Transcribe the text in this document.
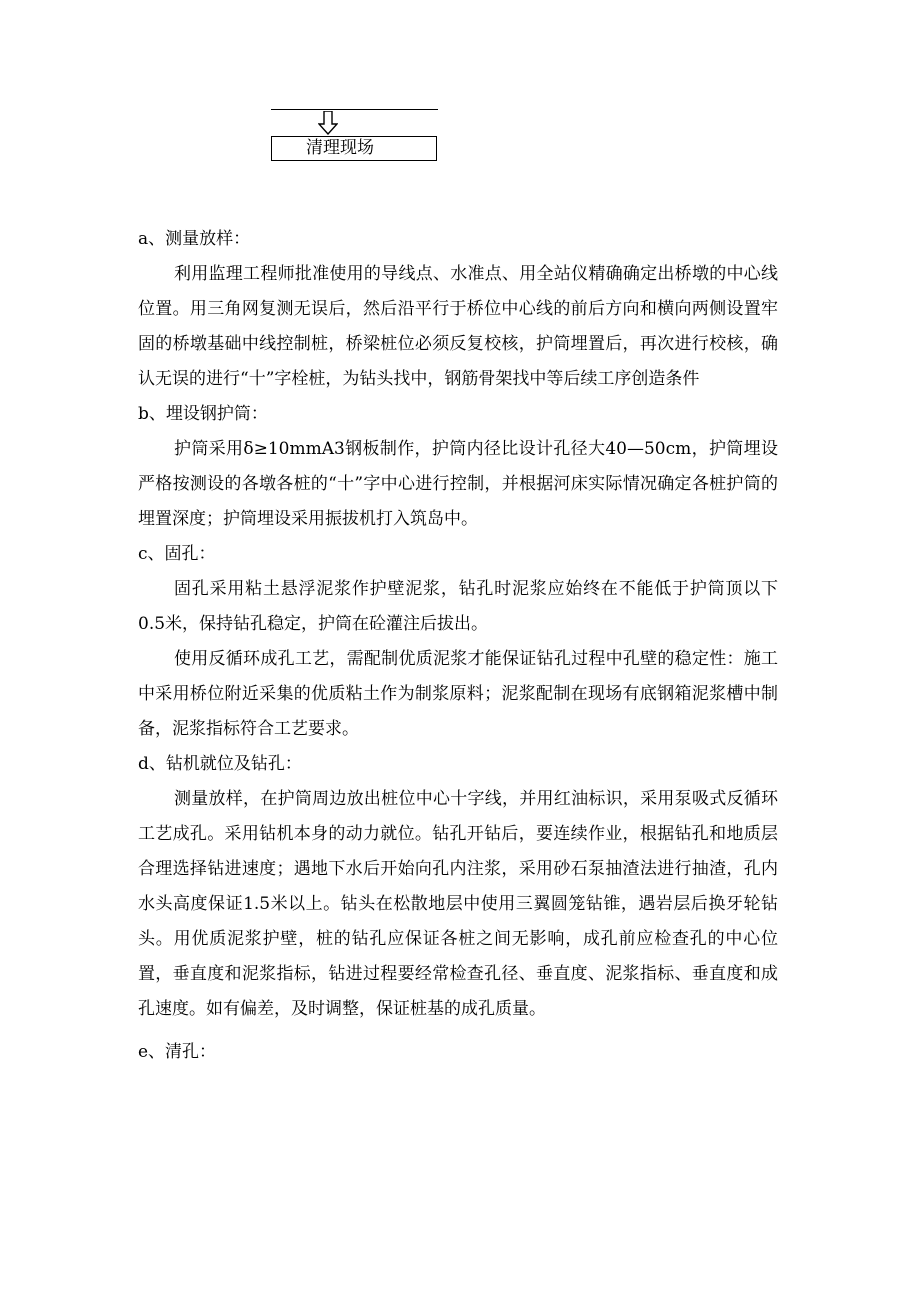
清理现场

a、测量放样：

利用监理工程师批准使用的导线点、水准点、用全站仪精确确定出桥墩的中心线位置。用三角网复测无误后，然后沿平行于桥位中心线的前后方向和横向两侧设置牢固的桥墩基础中线控制桩，桥梁桩位必须反复校核，护筒埋置后，再次进行校核，确认无误的进行“十”字栓桩，为钻头找中，钢筋骨架找中等后续工序创造条件

b、埋设钢护筒：

护筒采用δ≥10mmA3钢板制作，护筒内径比设计孔径大40—50cm，护筒埋设严格按测设的各墩各桩的“十”字中心进行控制，并根据河床实际情况确定各桩护筒的埋置深度；护筒埋设采用振拔机打入筑岛中。

c、固孔：

固孔采用粘土悬浮泥浆作护壁泥浆，钻孔时泥浆应始终在不能低于护筒顶以下0.5米，保持钻孔稳定，护筒在砼灌注后拔出。

使用反循环成孔工艺，需配制优质泥浆才能保证钻孔过程中孔壁的稳定性：施工中采用桥位附近采集的优质粘土作为制浆原料；泥浆配制在现场有底钢箱泥浆槽中制备，泥浆指标符合工艺要求。

d、钻机就位及钻孔：

测量放样，在护筒周边放出桩位中心十字线，并用红油标识，采用泵吸式反循环工艺成孔。采用钻机本身的动力就位。钻孔开钻后，要连续作业，根据钻孔和地质层合理选择钻进速度；遇地下水后开始向孔内注浆，采用砂石泵抽渣法进行抽渣，孔内水头高度保证1.5米以上。钻头在松散地层中使用三翼圆笼钻锥，遇岩层后换牙轮钻头。用优质泥浆护壁，桩的钻孔应保证各桩之间无影响，成孔前应检查孔的中心位置，垂直度和泥浆指标，钻进过程要经常检查孔径、垂直度、泥浆指标、垂直度和成孔速度。如有偏差，及时调整，保证桩基的成孔质量。

e、清孔：
